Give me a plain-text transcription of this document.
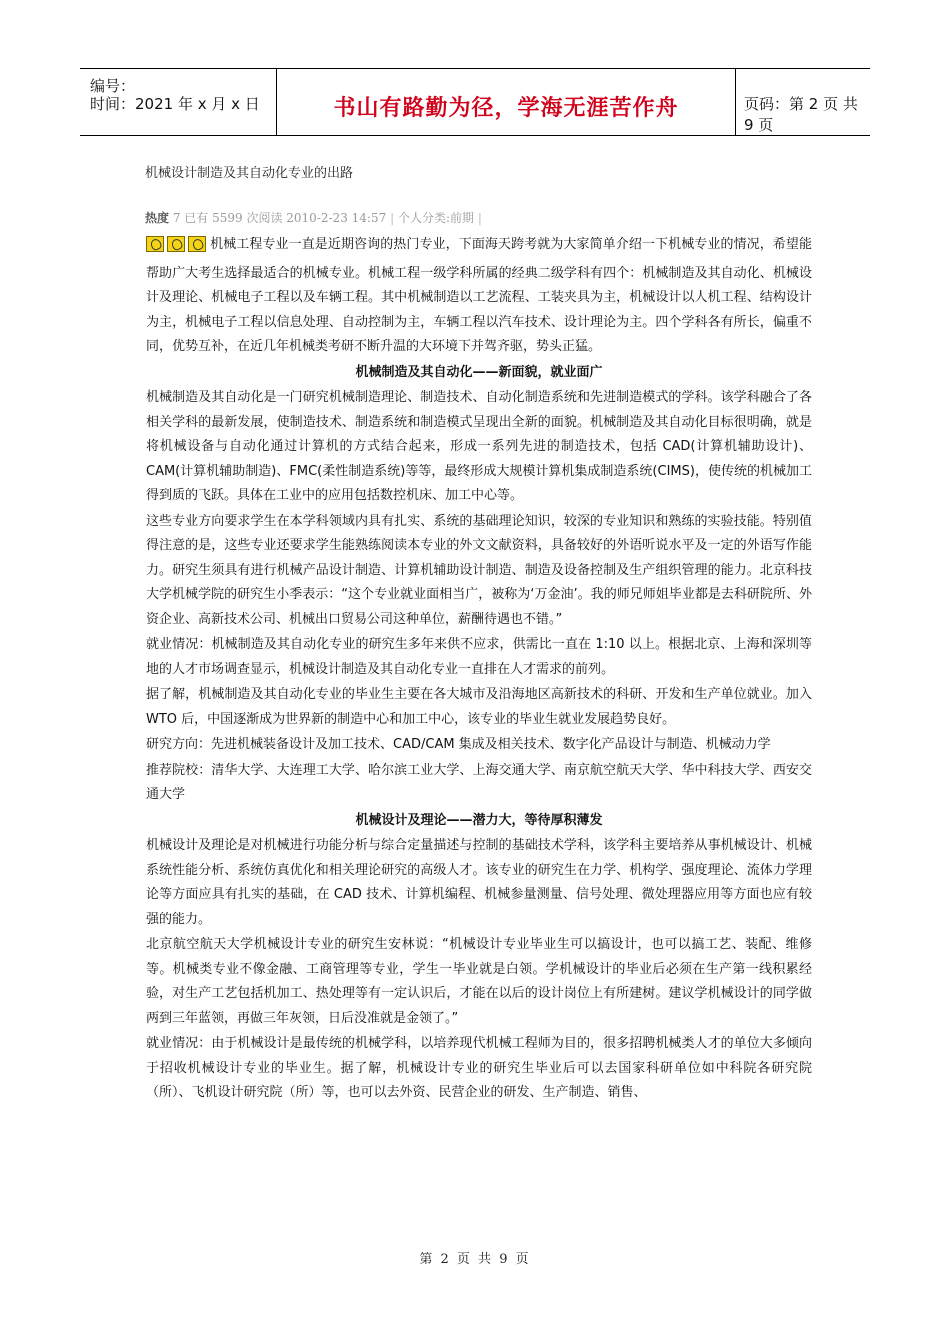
编号：
时间：2021 年 x 月 x 日	书山有路勤为径，学海无涯苦作舟	页码：第 2 页 共 9 页
机械设计制造及其自动化专业的出路
热度 7 已有 5599 次阅读 2010-2-23 14:57 | 个人分类:前期 |

机械工程专业一直是近期咨询的热门专业，下面海天跨考就为大家简单介绍一下机械专业的情况，希望能帮助广大考生选择最适合的机械专业。机械工程一级学科所属的经典二级学科有四个：机械制造及其自动化、机械设计及理论、机械电子工程以及车辆工程。其中机械制造以工艺流程、工装夹具为主，机械设计以人机工程、结构设计为主，机械电子工程以信息处理、自动控制为主，车辆工程以汽车技术、设计理论为主。四个学科各有所长，偏重不同，优势互补，在近几年机械类考研不断升温的大环境下并驾齐驱，势头正猛。

机械制造及其自动化——新面貌，就业面广

机械制造及其自动化是一门研究机械制造理论、制造技术、自动化制造系统和先进制造模式的学科。该学科融合了各相关学科的最新发展，使制造技术、制造系统和制造模式呈现出全新的面貌。机械制造及其自动化目标很明确，就是将机械设备与自动化通过计算机的方式结合起来，形成一系列先进的制造技术，包括 CAD(计算机辅助设计)、CAM(计算机辅助制造)、FMC(柔性制造系统)等等，最终形成大规模计算机集成制造系统(CIMS)，使传统的机械加工得到质的飞跃。具体在工业中的应用包括数控机床、加工中心等。

这些专业方向要求学生在本学科领域内具有扎实、系统的基础理论知识，较深的专业知识和熟练的实验技能。特别值得注意的是，这些专业还要求学生能熟练阅读本专业的外文文献资料，具备较好的外语听说水平及一定的外语写作能力。研究生须具有进行机械产品设计制造、计算机辅助设计制造、制造及设备控制及生产组织管理的能力。北京科技大学机械学院的研究生小季表示：“这个专业就业面相当广，被称为‘万金油’。我的师兄师姐毕业都是去科研院所、外资企业、高新技术公司、机械出口贸易公司这种单位，薪酬待遇也不错。”

就业情况：机械制造及其自动化专业的研究生多年来供不应求，供需比一直在 1:10 以上。根据北京、上海和深圳等地的人才市场调查显示，机械设计制造及其自动化专业一直排在人才需求的前列。

据了解，机械制造及其自动化专业的毕业生主要在各大城市及沿海地区高新技术的科研、开发和生产单位就业。加入 WTO 后，中国逐渐成为世界新的制造中心和加工中心，该专业的毕业生就业发展趋势良好。

研究方向：先进机械装备设计及加工技术、CAD/CAM 集成及相关技术、数字化产品设计与制造、机械动力学

推荐院校：清华大学、大连理工大学、哈尔滨工业大学、上海交通大学、南京航空航天大学、华中科技大学、西安交通大学

机械设计及理论——潜力大，等待厚积薄发

机械设计及理论是对机械进行功能分析与综合定量描述与控制的基础技术学科，该学科主要培养从事机械设计、机械系统性能分析、系统仿真优化和相关理论研究的高级人才。该专业的研究生在力学、机构学、强度理论、流体力学理论等方面应具有扎实的基础，在 CAD 技术、计算机编程、机械参量测量、信号处理、微处理器应用等方面也应有较强的能力。

北京航空航天大学机械设计专业的研究生安林说：“机械设计专业毕业生可以搞设计，也可以搞工艺、装配、维修等。机械类专业不像金融、工商管理等专业，学生一毕业就是白领。学机械设计的毕业后必须在生产第一线积累经验，对生产工艺包括机加工、热处理等有一定认识后，才能在以后的设计岗位上有所建树。建议学机械设计的同学做两到三年蓝领，再做三年灰领，日后没准就是金领了。”

就业情况：由于机械设计是最传统的机械学科，以培养现代机械工程师为目的，很多招聘机械类人才的单位大多倾向于招收机械设计专业的毕业生。据了解，机械设计专业的研究生毕业后可以去国家科研单位如中科院各研究院（所）、飞机设计研究院（所）等，也可以去外资、民营企业的研发、生产制造、销售、

第 2 页 共 9 页
